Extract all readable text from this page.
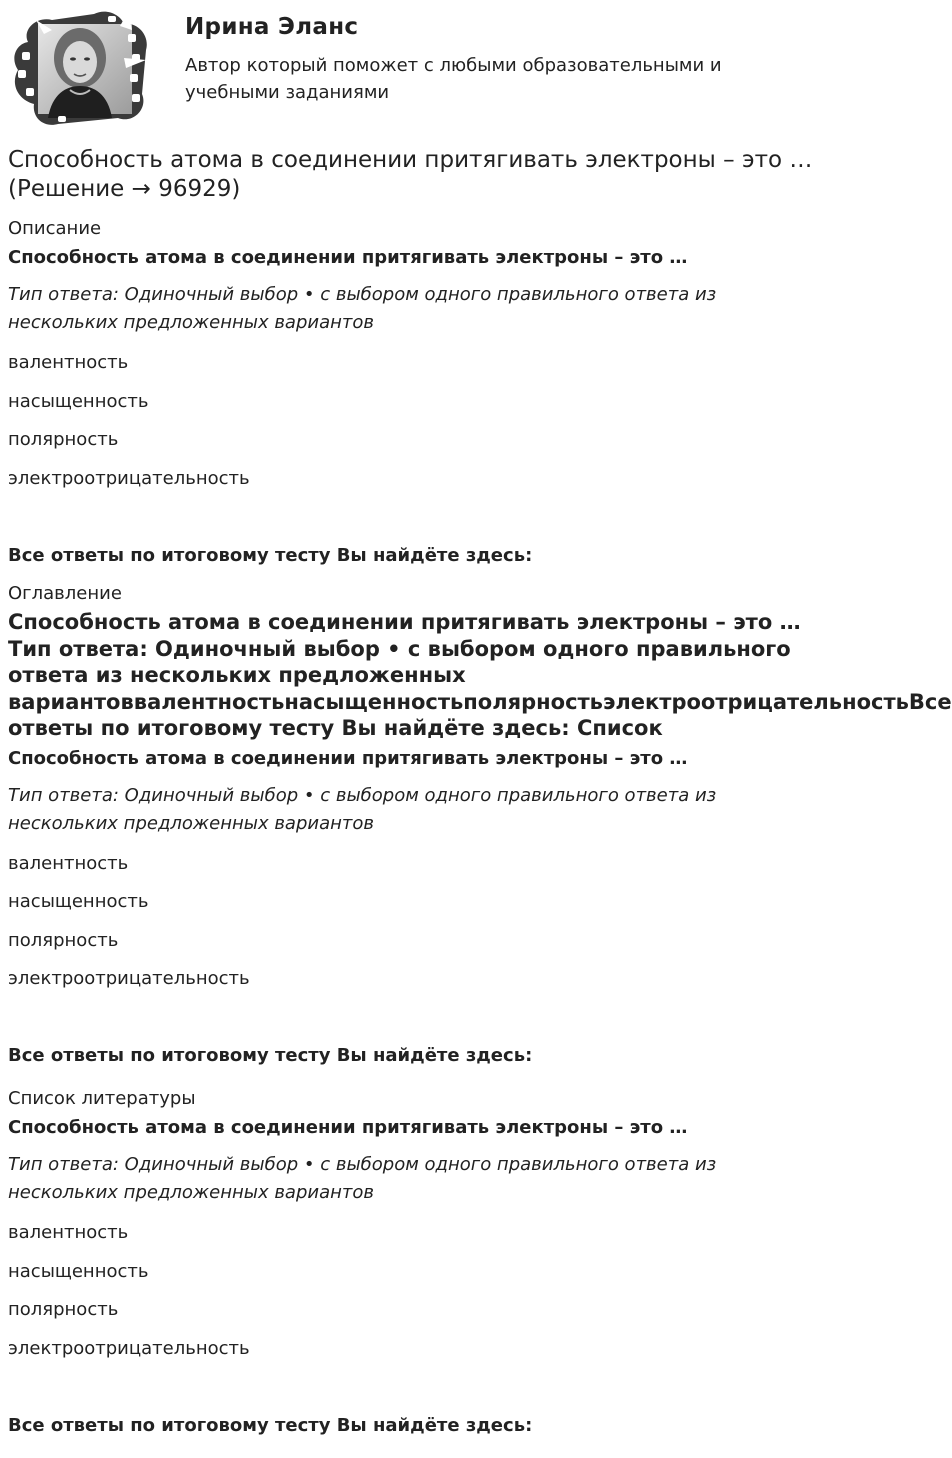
Ирина Эланс
Автор который поможет с любыми образовательными и учебными заданиями
Способность атома в соединении притягивать электроны – это … (Решение → 96929)
Описание
Способность атома в соединении притягивать электроны – это …
Тип ответа: Одиночный выбор • с выбором одного правильного ответа из нескольких предложенных вариантов
валентность
насыщенность
полярность
электроотрицательность
Все ответы по итоговому тесту Вы найдёте здесь:
Оглавление
Способность атома в соединении притягивать электроны – это …Тип ответа: Одиночный выбор • с выбором одного правильного ответа из нескольких предложенных
вариантоввалентностьнасыщенностьполярностьэлектроотрицательностьВсе
ответы по итоговому тесту Вы найдёте здесь: Список
Способность атома в соединении притягивать электроны – это …
Тип ответа: Одиночный выбор • с выбором одного правильного ответа из нескольких предложенных вариантов
валентность
насыщенность
полярность
электроотрицательность
Все ответы по итоговому тесту Вы найдёте здесь:
Список литературы
Способность атома в соединении притягивать электроны – это …
Тип ответа: Одиночный выбор • с выбором одного правильного ответа из нескольких предложенных вариантов
валентность
насыщенность
полярность
электроотрицательность
Все ответы по итоговому тесту Вы найдёте здесь:
